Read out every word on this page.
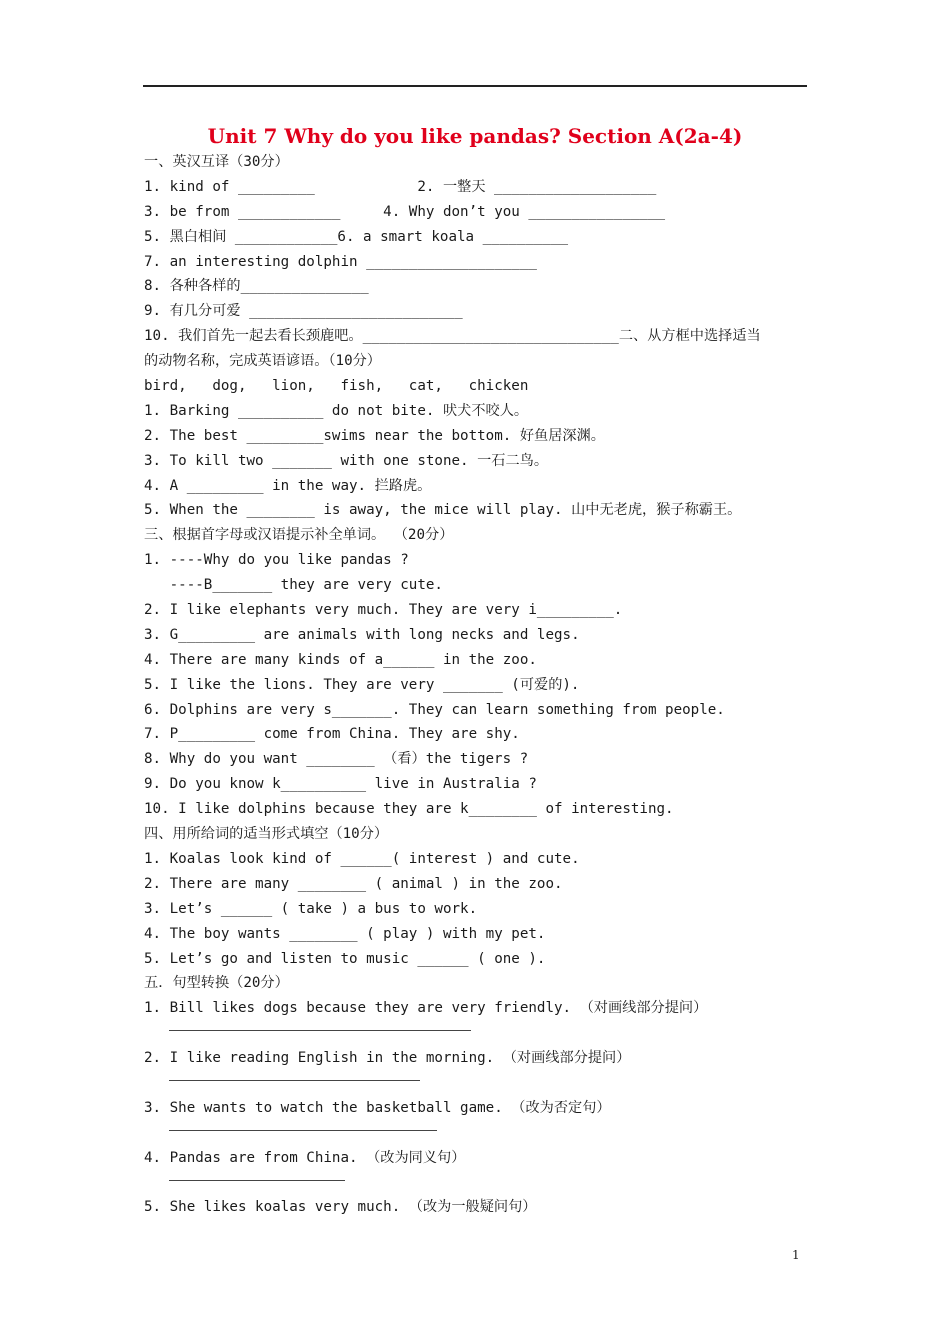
Unit 7 Why do you like pandas? Section A(2a-4)
一、英汉互译（30分）
1. kind of _________            2. 一整天 ___________________
3. be from ____________     4. Why don’t you ________________
5. 黑白相间 ____________6. a smart koala __________
7. an interesting dolphin ____________________
8. 各种各样的_______________
9. 有几分可爱 _________________________
10. 我们首先一起去看长颈鹿吧。______________________________二、从方框中选择适当
的动物名称，完成英语谚语。（10分）
bird,   dog,   lion,   fish,   cat,   chicken
1. Barking __________ do not bite. 吠犬不咬人。
2. The best _________swims near the bottom. 好鱼居深渊。
3. To kill two _______ with one stone. 一石二鸟。
4. A _________ in the way. 拦路虎。
5. When the ________ is away, the mice will play. 山中无老虎，猴子称霸王。
三、根据首字母或汉语提示补全单词。 （20分）
1. ----Why do you like pandas ?
----B_______ they are very cute.
2. I like elephants very much. They are very i_________.
3. G_________ are animals with long necks and legs.
4. There are many kinds of a______ in the zoo.
5. I like the lions. They are very _______ (可爱的).
6. Dolphins are very s_______. They can learn something from people.
7. P_________ come from China. They are shy.
8. Why do you want ________ （看）the tigers ?
9. Do you know k__________ live in Australia ?
10. I like dolphins because they are k________ of interesting.
四、用所给词的适当形式填空（10分）
1. Koalas look kind of ______( interest ) and cute.
2. There are many ________ ( animal ) in the zoo.
3. Let’s ______ ( take ) a bus to work.
4. The boy wants ________ ( play ) with my pet.
5. Let’s go and listen to music ______ ( one ).
五．句型转换（20分）
1. Bill likes dogs because they are very friendly. （对画线部分提问）
2. I like reading English in the morning. （对画线部分提问）
3. She wants to watch the basketball game. （改为否定句）
4. Pandas are from China. （改为同义句）
5. She likes koalas very much. （改为一般疑问句）
1
